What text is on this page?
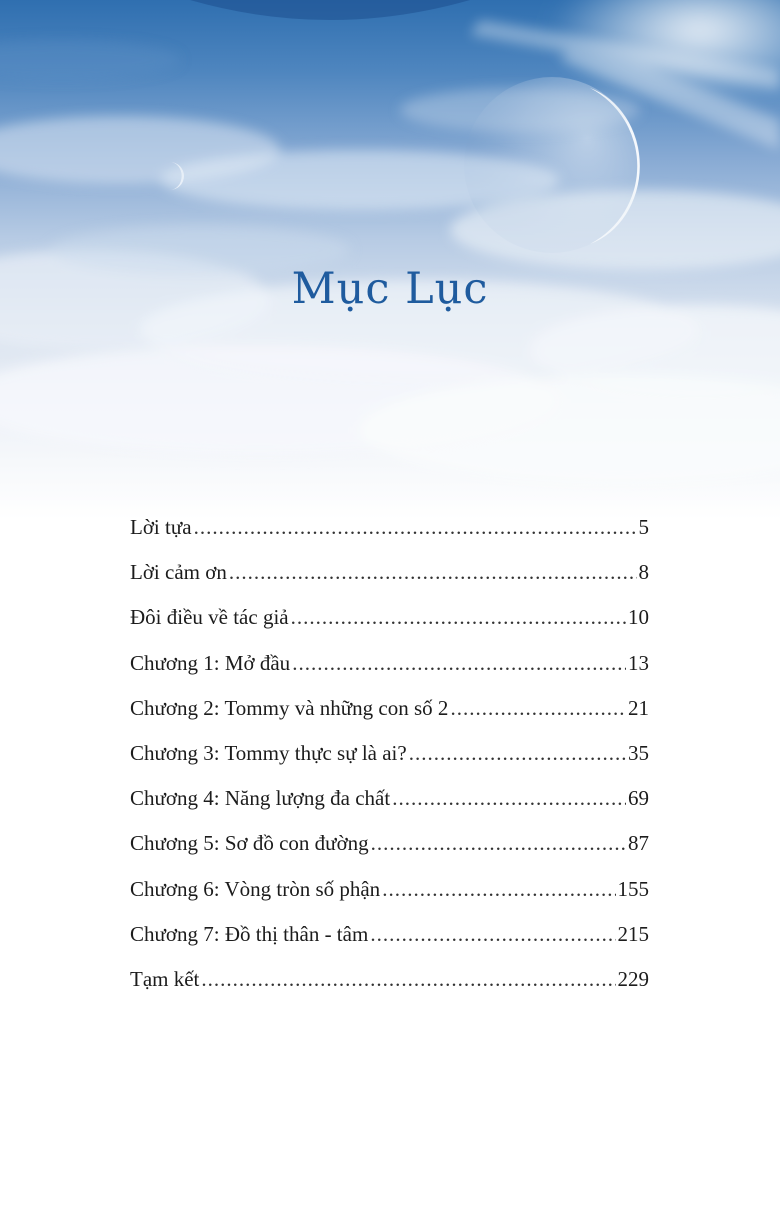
Mục Lục
Lời tựa .....	5
Lời cảm ơn .....	8
Đôi điều về tác giả .....	10
Chương 1: Mở đầu .....	13
Chương 2: Tommy và những con số 2 .....	21
Chương 3: Tommy thực sự là ai? .....	35
Chương 4: Năng lượng đa chất .....	69
Chương 5: Sơ đồ con đường .....	87
Chương 6: Vòng tròn số phận .....	155
Chương 7: Đồ thị thân - tâm .....	215
Tạm kết .....	229
